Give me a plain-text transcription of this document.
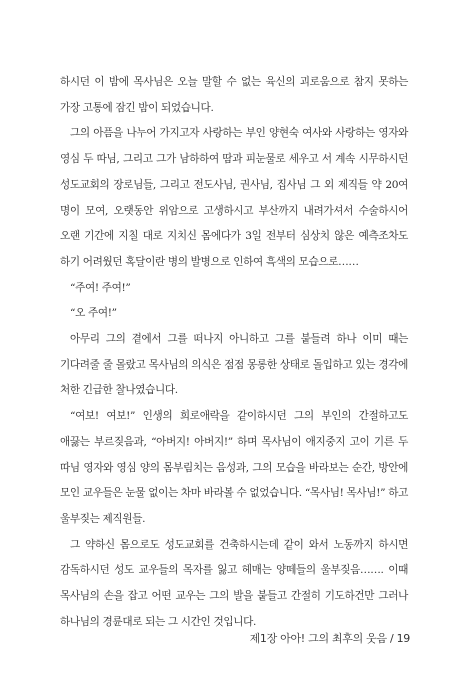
하시던 이 밤에 목사님은 오늘 말할 수 없는 육신의 괴로움으로 참지 못하는 가장 고통에 잠긴 밤이 되었습니다.

그의 아픔을 나누어 가지고자 사랑하는 부인 양현숙 여사와 사랑하는 영자와 영심 두 따님, 그리고 그가 남하하여 땀과 피눈물로 세우고 서 계속 시무하시던 성도교회의 장로님들, 그리고 전도사님, 권사님, 집사님 그 외 제직들 약 20여 명이 모여, 오랫동안 위암으로 고생하시고 부산까지 내려가셔서 수술하시어 오랜 기간에 지칠 대로 지치신 몸에다가 3일 전부터 심상치 않은 예측조차도 하기 어려웠던 혹달이란 병의 발병으로 인하여 흑색의 모습으로……

“주여! 주여!”

“오 주여!”

아무리 그의 곁에서 그를 떠나지 아니하고 그를 붙들려 하나 이미 때는 기다려줄 줄 몰랐고 목사님의 의식은 점점 몽롱한 상태로 돌입하고 있는 경각에 처한 긴급한 찰나였습니다.

“여보! 여보!” 인생의 희로애락을 같이하시던 그의 부인의 간절하고도 애끓는 부르짖음과, “아버지! 아버지!” 하며 목사님이 애지중지 고이 기른 두 따님 영자와 영심 양의 몸부림치는 음성과, 그의 모습을 바라보는 순간, 방안에 모인 교우들은 눈물 없이는 차마 바라볼 수 없었습니다. “목사님! 목사님!” 하고 울부짖는 제직원들.

그 약하신 몸으로도 성도교회를 건축하시는데 같이 와서 노동까지 하시면 감독하시던 성도 교우들의 목자를 잃고 헤매는 양떼들의 울부짖음……. 이때 목사님의 손을 잡고 어떤 교우는 그의 발을 붙들고 간절히 기도하건만 그러나 하나님의 경륜대로 되는 그 시간인 것입니다.

제1장 아아! 그의 최후의 웃음 / 19
